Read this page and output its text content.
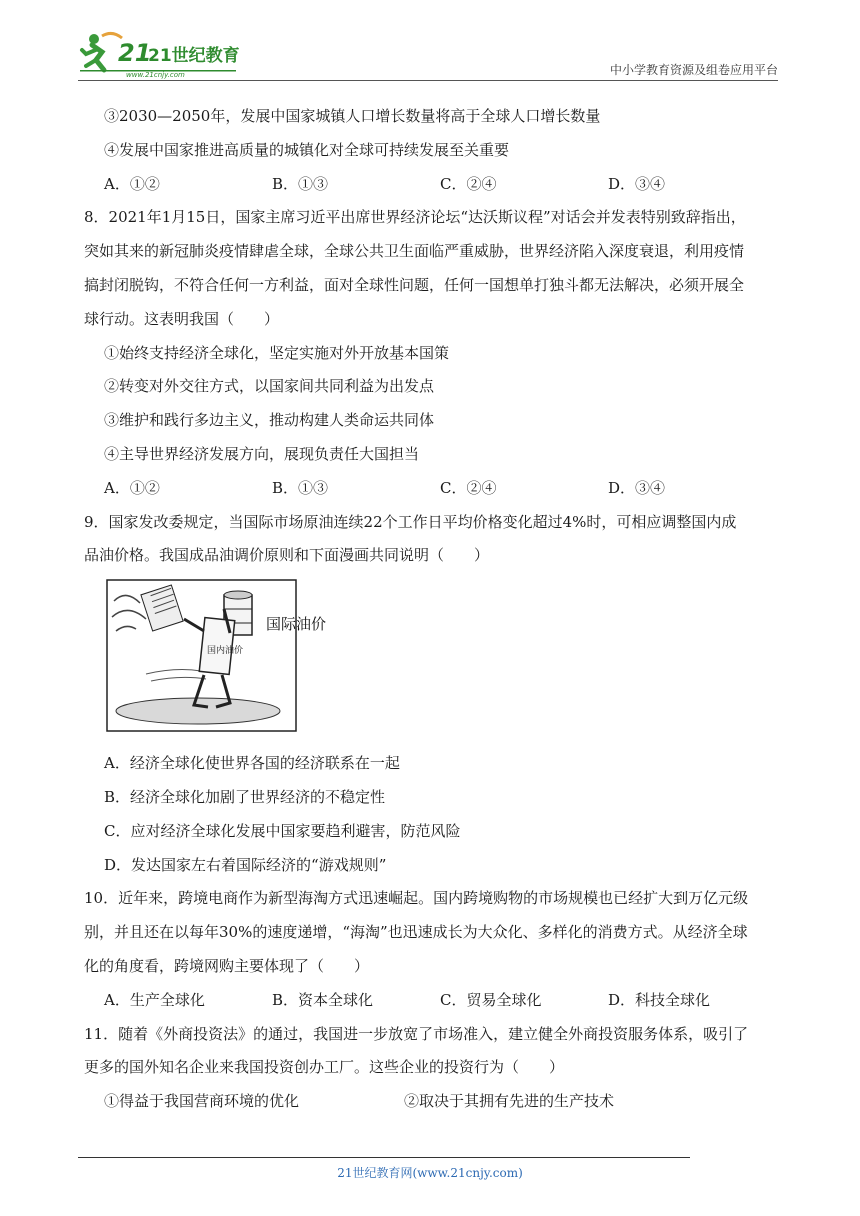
21
21世纪教育
www.21cnjy.com	中小学教育资源及组卷应用平台
③2030—2050年，发展中国家城镇人口增长数量将高于全球人口增长数量
④发展中国家推进高质量的城镇化对全球可持续发展至关重要
A．①②	B．①③	C．②④	D．③④
8．2021年1月15日，国家主席习近平出席世界经济论坛“达沃斯议程”对话会并发表特别致辞指出，
突如其来的新冠肺炎疫情肆虐全球，全球公共卫生面临严重威胁，世界经济陷入深度衰退，利用疫情
搞封闭脱钩，不符合任何一方利益，面对全球性问题，任何一国想单打独斗都无法解决，必须开展全
球行动。这表明我国（　　）
①始终支持经济全球化，坚定实施对外开放基本国策
②转变对外交往方式，以国家间共同利益为出发点
③维护和践行多边主义，推动构建人类命运共同体
④主导世界经济发展方向，展现负责任大国担当
A．①②	B．①③	C．②④	D．③④
9．国家发改委规定，当国际市场原油连续22个工作日平均价格变化超过4%时，可相应调整国内成
品油价格。我国成品油调价原则和下面漫画共同说明（　　）
国内油价
国际油价
A．经济全球化使世界各国的经济联系在一起
B．经济全球化加剧了世界经济的不稳定性
C．应对经济全球化发展中国家要趋利避害，防范风险
D．发达国家左右着国际经济的“游戏规则”
10．近年来，跨境电商作为新型海淘方式迅速崛起。国内跨境购物的市场规模也已经扩大到万亿元级
别，并且还在以每年30%的速度递增，“海淘”也迅速成长为大众化、多样化的消费方式。从经济全球
化的角度看，跨境网购主要体现了（　　）
A．生产全球化	B．资本全球化	C．贸易全球化	D．科技全球化
11．随着《外商投资法》的通过，我国进一步放宽了市场准入，建立健全外商投资服务体系，吸引了
更多的国外知名企业来我国投资创办工厂。这些企业的投资行为（　　）
①得益于我国营商环境的优化	②取决于其拥有先进的生产技术
21世纪教育网(www.21cnjy.com)
